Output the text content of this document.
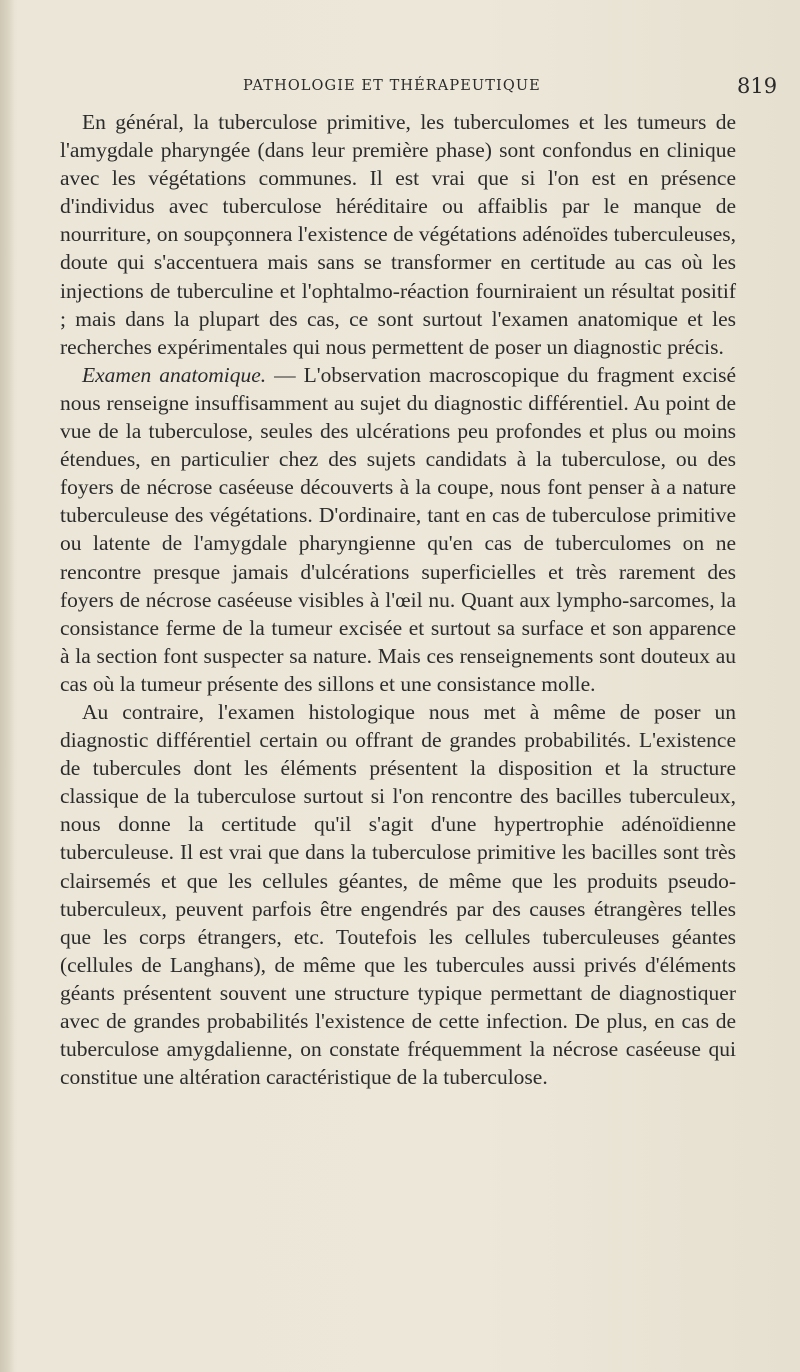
PATHOLOGIE ET THÉRAPEUTIQUE	819

En général, la tuberculose primitive, les tuberculomes et les tumeurs de l'amygdale pharyngée (dans leur première phase) sont confondus en clinique avec les végétations communes. Il est vrai que si l'on est en présence d'individus avec tuberculose héréditaire ou affaiblis par le manque de nourriture, on soupçonnera l'existence de végétations adénoïdes tuberculeuses, doute qui s'accentuera mais sans se transformer en certitude au cas où les injections de tuberculine et l'ophtalmo-réaction fourniraient un résultat positif ; mais dans la plupart des cas, ce sont surtout l'examen anatomique et les recherches expérimentales qui nous permettent de poser un diagnostic précis.

Examen anatomique. — L'observation macroscopique du fragment excisé nous renseigne insuffisamment au sujet du diagnostic différentiel. Au point de vue de la tuberculose, seules des ulcérations peu profondes et plus ou moins étendues, en particulier chez des sujets candidats à la tuberculose, ou des foyers de nécrose caséeuse découverts à la coupe, nous font penser à a nature tuberculeuse des végétations. D'ordinaire, tant en cas de tuberculose primitive ou latente de l'amygdale pharyngienne qu'en cas de tuberculomes on ne rencontre presque jamais d'ulcérations superficielles et très rarement des foyers de nécrose caséeuse visibles à l'œil nu. Quant aux lympho-sarcomes, la consistance ferme de la tumeur excisée et surtout sa surface et son apparence à la section font suspecter sa nature. Mais ces renseignements sont douteux au cas où la tumeur présente des sillons et une consistance molle.

Au contraire, l'examen histologique nous met à même de poser un diagnostic différentiel certain ou offrant de grandes probabilités. L'existence de tubercules dont les éléments présentent la disposition et la structure classique de la tuberculose surtout si l'on rencontre des bacilles tuberculeux, nous donne la certitude qu'il s'agit d'une hypertrophie adénoïdienne tuberculeuse. Il est vrai que dans la tuberculose primitive les bacilles sont très clairsemés et que les cellules géantes, de même que les produits pseudo-tuberculeux, peuvent parfois être engendrés par des causes étrangères telles que les corps étrangers, etc. Toutefois les cellules tuberculeuses géantes (cellules de Langhans), de même que les tubercules aussi privés d'éléments géants présentent souvent une structure typique permettant de diagnostiquer avec de grandes probabilités l'existence de cette infection. De plus, en cas de tuberculose amygdalienne, on constate fréquemment la nécrose caséeuse qui constitue une altération caractéristique de la tuberculose.
